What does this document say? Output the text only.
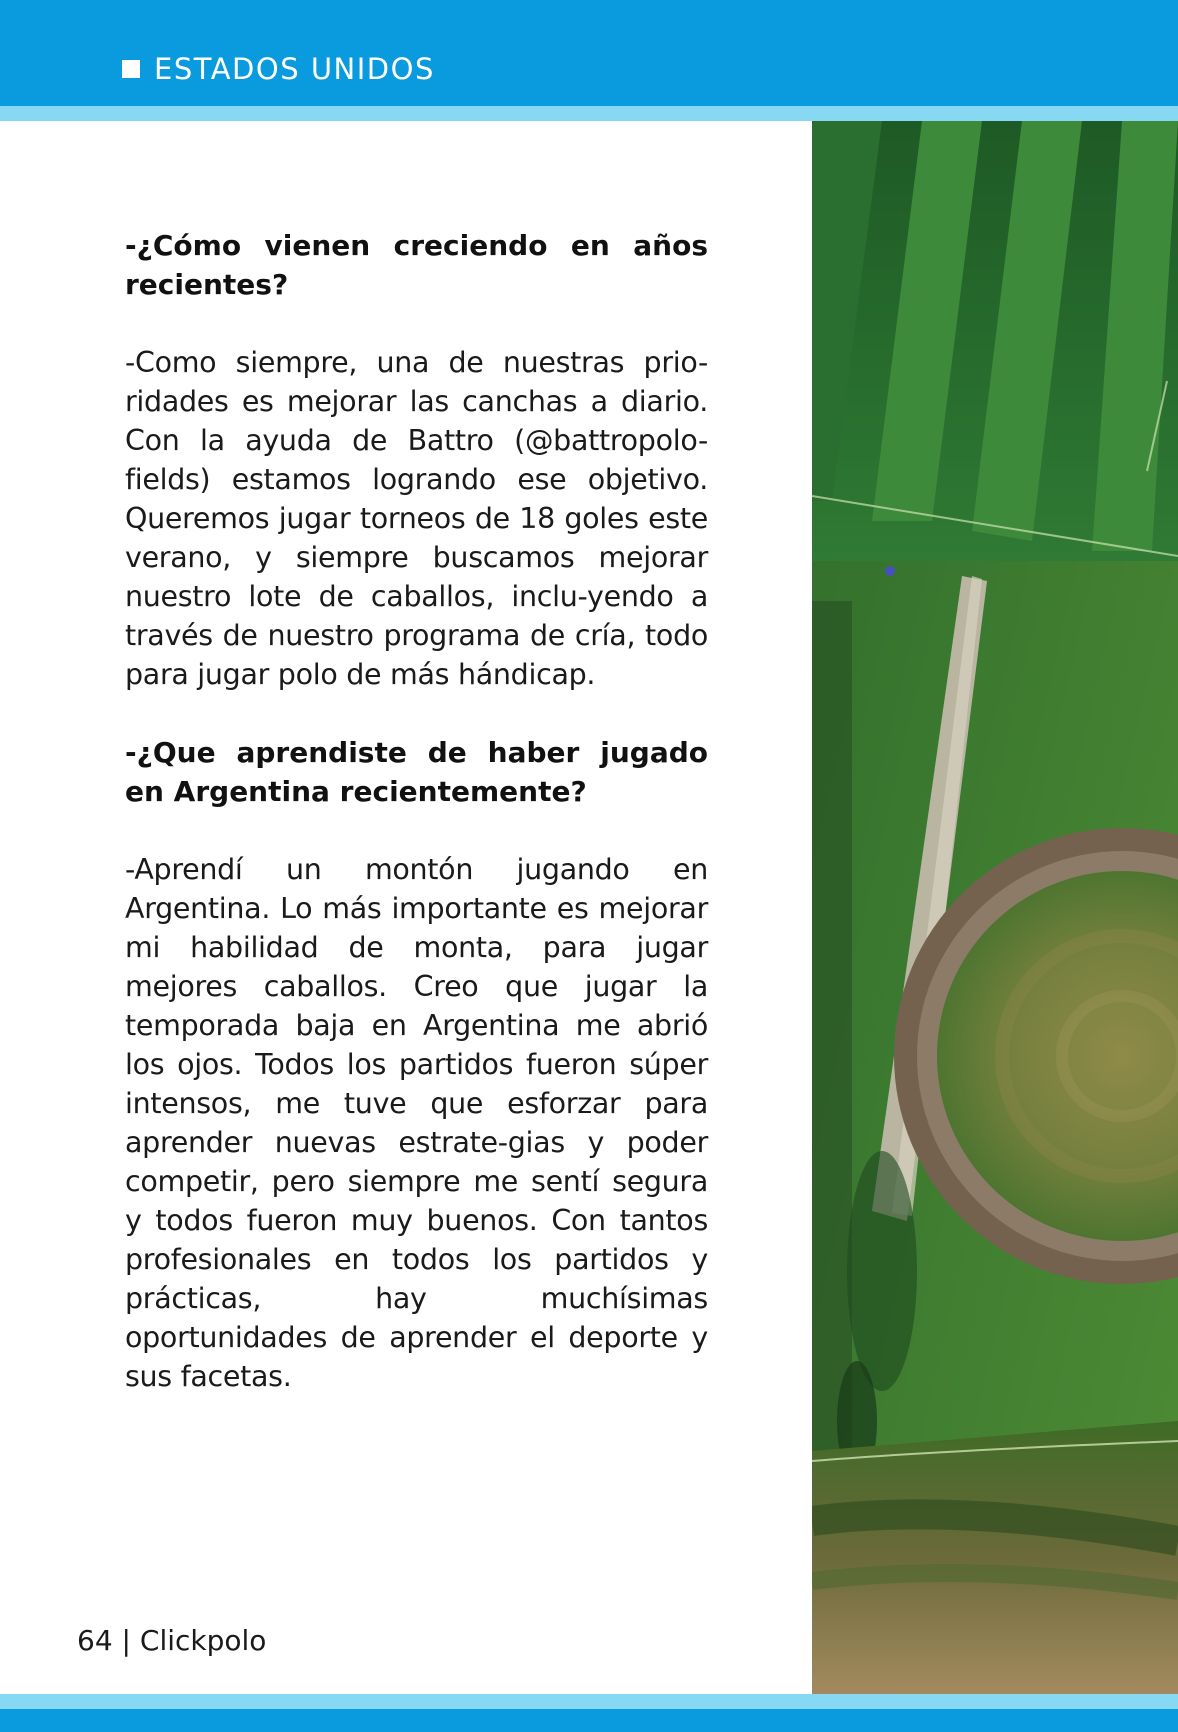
ESTADOS UNIDOS

-¿Cómo vienen creciendo en años recientes?

-Como siempre, una de nuestras prio-ridades es mejorar las canchas a diario. Con la ayuda de Battro (@battropolo-fields) estamos logrando ese objetivo. Queremos jugar torneos de 18 goles este verano, y siempre buscamos mejorar nuestro lote de caballos, inclu-yendo a través de nuestro programa de cría, todo para jugar polo de más hándicap.

-¿Que aprendiste de haber jugado en Argentina recientemente?

-Aprendí un montón jugando en Argentina. Lo más importante es mejorar mi habilidad de monta, para jugar mejores caballos. Creo que jugar la temporada baja en Argentina me abrió los ojos. Todos los partidos fueron súper intensos, me tuve que esforzar para aprender nuevas estrate-gias y poder competir, pero siempre me sentí segura y todos fueron muy buenos. Con tantos profesionales en todos los partidos y prácticas, hay muchísimas oportunidades de aprender el deporte y sus facetas.

64 | Clickpolo
